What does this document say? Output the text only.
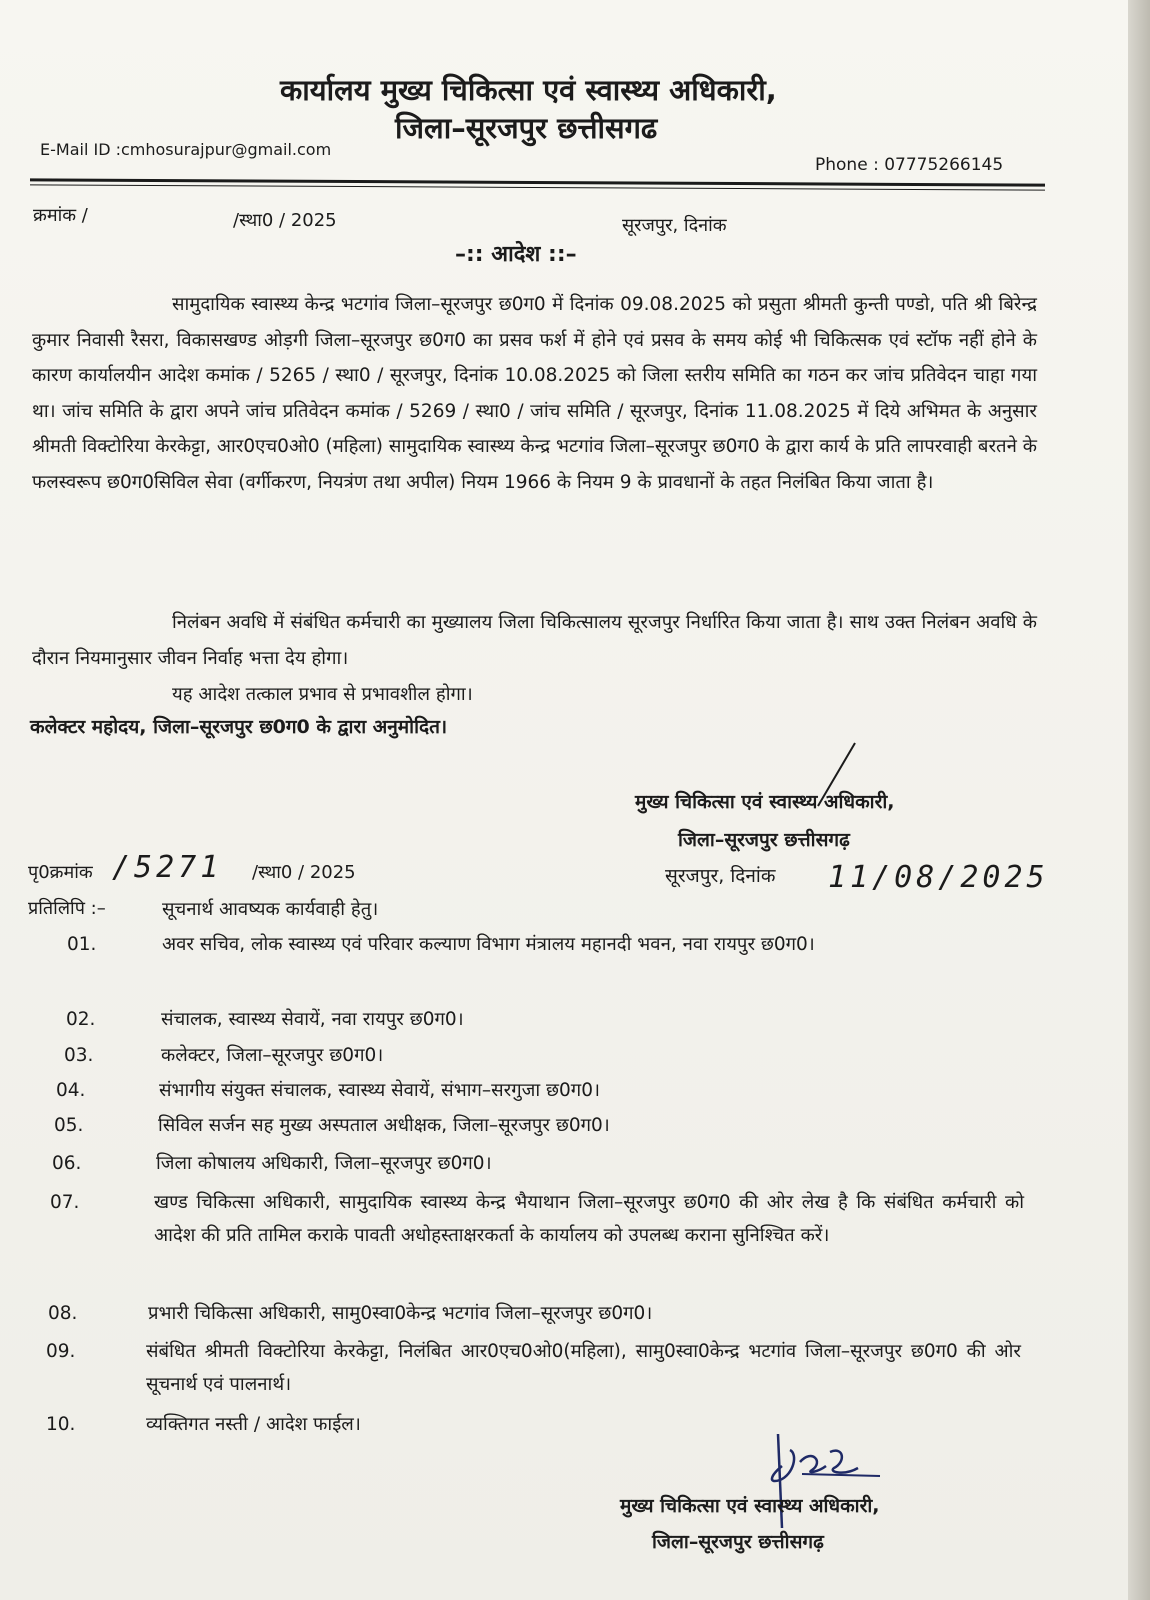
कार्यालय मुख्य चिकित्सा एवं स्वास्थ्य अधिकारी,
जिला–सूरजपुर छत्तीसगढ
E-Mail ID :cmhosurajpur@gmail.com
Phone : 07775266145
क्रमांक /	/स्था0 / 2025	सूरजपुर, दिनांक
–:: आदेश ::–
सामुदायिक स्वास्थ्य केन्द्र भटगांव जिला–सूरजपुर छ0ग0 में दिनांक 09.08.2025 को प्रसुता श्रीमती कुन्ती पण्डो, पति श्री बिरेन्द्र कुमार निवासी रैसरा, विकासखण्ड ओड़गी जिला–सूरजपुर छ0ग0 का प्रसव फर्श में होने एवं प्रसव के समय कोई भी चिकित्सक एवं स्टॉफ नहीं होने के कारण कार्यालयीन आदेश कमांक / 5265 / स्था0 / सूरजपुर, दिनांक 10.08.2025 को जिला स्तरीय समिति का गठन कर जांच प्रतिवेदन चाहा गया था। जांच समिति के द्वारा अपने जांच प्रतिवेदन कमांक / 5269 / स्था0 / जांच समिति / सूरजपुर, दिनांक 11.08.2025 में दिये अभिमत के अनुसार श्रीमती विक्टोरिया केरकेट्टा, आर0एच0ओ0 (महिला) सामुदायिक स्वास्थ्य केन्द्र भटगांव जिला–सूरजपुर छ0ग0 के द्वारा कार्य के प्रति लापरवाही बरतने के फलस्वरूप छ0ग0सिविल सेवा (वर्गीकरण, नियत्रंण तथा अपील) नियम 1966 के नियम 9 के प्रावधानों के तहत निलंबित किया जाता है।
निलंबन अवधि में संबंधित कर्मचारी का मुख्यालय जिला चिकित्सालय सूरजपुर निर्धारित किया जाता है। साथ उक्त निलंबन अवधि के दौरान नियमानुसार जीवन निर्वाह भत्ता देय होगा।
यह आदेश तत्काल प्रभाव से प्रभावशील होगा।
कलेक्टर महोदय, जिला–सूरजपुर छ0ग0 के द्वारा अनुमोदित।
मुख्य चिकित्सा एवं स्वास्थ्य अधिकारी,
जिला–सूरजपुर छत्तीसगढ़
सूरजपुर, दिनांक 11/08/2025
पृ0क्रमांक /5271 /स्था0 / 2025
प्रतिलिपि :–	सूचनार्थ आवष्यक कार्यवाही हेतु।
01.	अवर सचिव, लोक स्वास्थ्य एवं परिवार कल्याण विभाग मंत्रालय महानदी भवन, नवा रायपुर छ0ग0।
02.	संचालक, स्वास्थ्य सेवायें, नवा रायपुर छ0ग0।
03.	कलेक्टर, जिला–सूरजपुर छ0ग0।
04.	संभागीय संयुक्त संचालक, स्वास्थ्य सेवायें, संभाग–सरगुजा छ0ग0।
05.	सिविल सर्जन सह मुख्य अस्पताल अधीक्षक, जिला–सूरजपुर छ0ग0।
06.	जिला कोषालय अधिकारी, जिला–सूरजपुर छ0ग0।
07.	खण्ड चिकित्सा अधिकारी, सामुदायिक स्वास्थ्य केन्द्र भैयाथान जिला–सूरजपुर छ0ग0 की ओर लेख है कि संबंधित कर्मचारी को आदेश की प्रति तामिल कराके पावती अधोहस्ताक्षरकर्ता के कार्यालय को उपलब्ध कराना सुनिश्चित करें।
08.	प्रभारी चिकित्सा अधिकारी, सामु0स्वा0केन्द्र भटगांव जिला–सूरजपुर छ0ग0।
09.	संबंधित श्रीमती विक्टोरिया केरकेट्टा, निलंबित आर0एच0ओ0(महिला), सामु0स्वा0केन्द्र भटगांव जिला–सूरजपुर छ0ग0 की ओर सूचनार्थ एवं पालनार्थ।
10.	व्यक्तिगत नस्ती / आदेश फाईल।
मुख्य चिकित्सा एवं स्वास्थ्य अधिकारी,
जिला–सूरजपुर छत्तीसगढ़
